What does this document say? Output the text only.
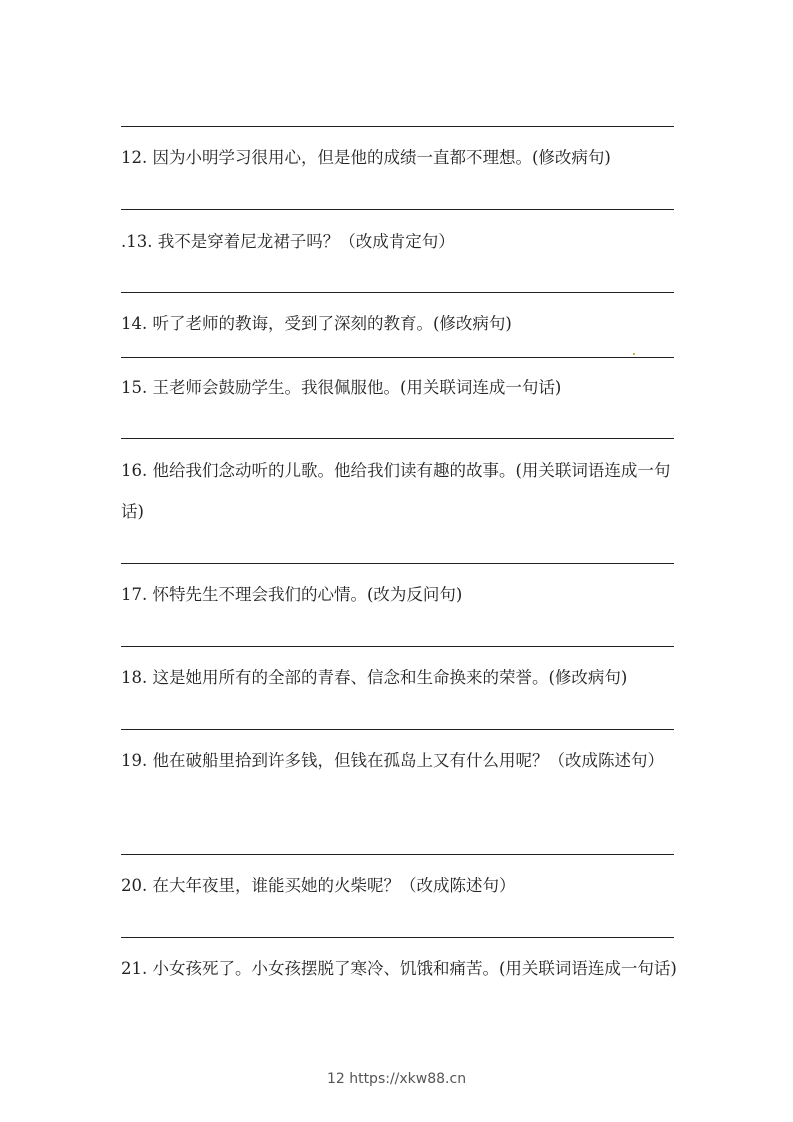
12. 因为小明学习很用心，但是他的成绩一直都不理想。(修改病句)
.13. 我不是穿着尼龙裙子吗？（改成肯定句）
14. 听了老师的教诲，受到了深刻的教育。(修改病句)
15. 王老师会鼓励学生。我很佩服他。(用关联词连成一句话)
16. 他给我们念动听的儿歌。他给我们读有趣的故事。(用关联词语连成一句话)
17. 怀特先生不理会我们的心情。(改为反问句)
18. 这是她用所有的全部的青春、信念和生命换来的荣誉。(修改病句)
19. 他在破船里拾到许多钱，但钱在孤岛上又有什么用呢？（改成陈述句）
20. 在大年夜里，谁能买她的火柴呢？（改成陈述句）
21. 小女孩死了。小女孩摆脱了寒冷、饥饿和痛苦。(用关联词语连成一句话)
12 https://xkw88.cn
